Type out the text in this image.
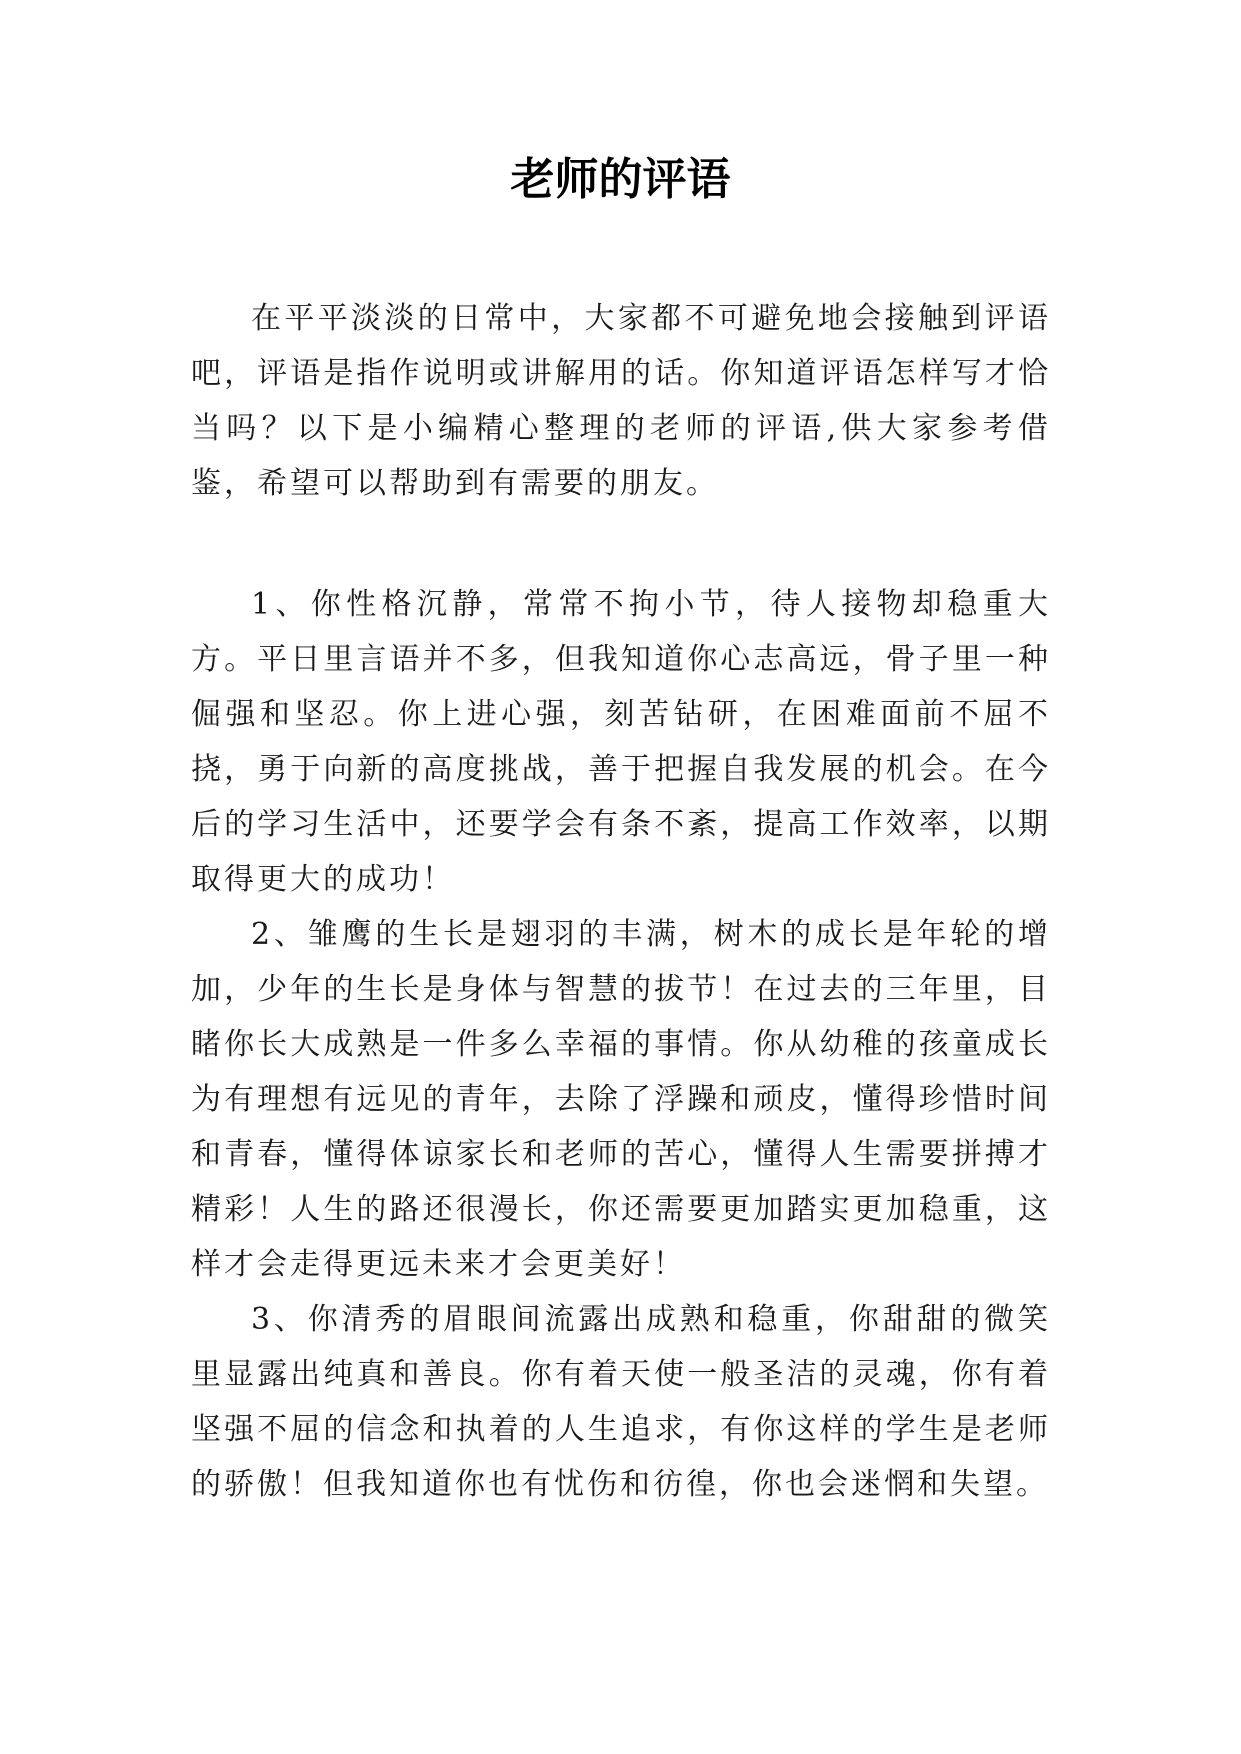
老师的评语

在平平淡淡的日常中，大家都不可避免地会接触到评语吧，评语是指作说明或讲解用的话。你知道评语怎样写才恰当吗？以下是小编精心整理的老师的评语,供大家参考借鉴，希望可以帮助到有需要的朋友。

1、你性格沉静，常常不拘小节，待人接物却稳重大方。平日里言语并不多，但我知道你心志高远，骨子里一种倔强和坚忍。你上进心强，刻苦钻研，在困难面前不屈不挠，勇于向新的高度挑战，善于把握自我发展的机会。在今后的学习生活中，还要学会有条不紊，提高工作效率，以期取得更大的成功！

2、雏鹰的生长是翅羽的丰满，树木的成长是年轮的增加，少年的生长是身体与智慧的拔节！在过去的三年里，目睹你长大成熟是一件多么幸福的事情。你从幼稚的孩童成长为有理想有远见的青年，去除了浮躁和顽皮，懂得珍惜时间和青春，懂得体谅家长和老师的苦心，懂得人生需要拼搏才精彩！人生的路还很漫长，你还需要更加踏实更加稳重，这样才会走得更远未来才会更美好！

3、你清秀的眉眼间流露出成熟和稳重，你甜甜的微笑里显露出纯真和善良。你有着天使一般圣洁的灵魂，你有着坚强不屈的信念和执着的人生追求，有你这样的学生是老师的骄傲！但我知道你也有忧伤和彷徨，你也会迷惘和失望。
